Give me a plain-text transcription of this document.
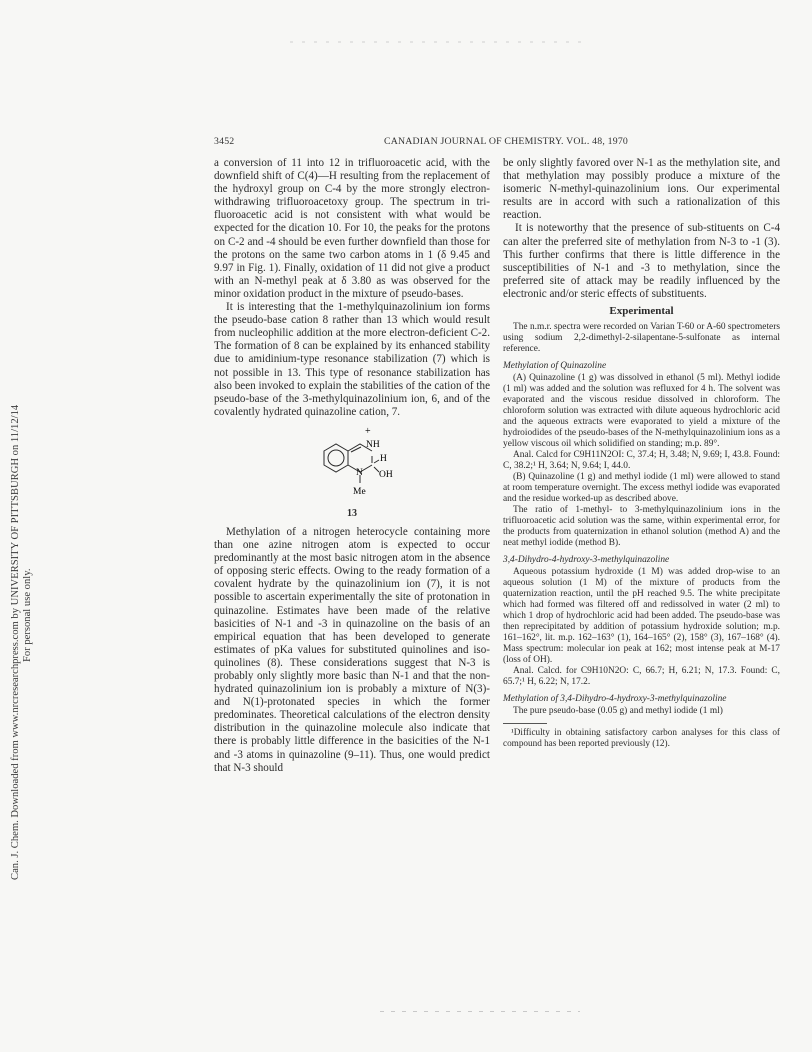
Can. J. Chem. Downloaded from www.nrcresearchpress.com by UNIVERSITY OF PITTSBURGH on 11/12/14 For personal use only.
3452	CANADIAN JOURNAL OF CHEMISTRY. VOL. 48, 1970

a conversion of 11 into 12 in trifluoroacetic acid, with the downfield shift of C(4)—H resulting from the replacement of the hydroxyl group on C-4 by the more strongly electron-withdrawing trifluoroacetoxy group. The spectrum in tri-fluoroacetic acid is not consistent with what would be expected for the dication 10. For 10, the peaks for the protons on C-2 and -4 should be even further downfield than those for the protons on the same two carbon atoms in 1 (δ 9.45 and 9.97 in Fig. 1). Finally, oxidation of 11 did not give a product with an N-methyl peak at δ 3.80 as was observed for the minor oxidation product in the mixture of pseudo-bases.

It is interesting that the 1-methylquinazolinium ion forms the pseudo-base cation 8 rather than 13 which would result from nucleophilic addition at the more electron-deficient C-2. The formation of 8 can be explained by its enhanced stability due to amidinium-type resonance stabilization (7) which is not possible in 13. This type of resonance stabilization has also been invoked to explain the stabilities of the cation of the pseudo-base of the 3-methylquinazolinium ion, 6, and of the covalently hydrated quinazoline cation, 7.

+
NH
H
OH
N
Me
13

Methylation of a nitrogen heterocycle containing more than one azine nitrogen atom is expected to occur predominantly at the most basic nitrogen atom in the absence of opposing steric effects. Owing to the ready formation of a covalent hydrate by the quinazolinium ion (7), it is not possible to ascertain experimentally the site of protonation in quinazoline. Estimates have been made of the relative basicities of N-1 and -3 in quinazoline on the basis of an empirical equation that has been developed to generate estimates of pKa values for substituted quinolines and iso-quinolines (8). These considerations suggest that N-3 is probably only slightly more basic than N-1 and that the non-hydrated quinazolinium ion is probably a mixture of N(3)- and N(1)-protonated species in which the former predominates. Theoretical calculations of the electron density distribution in the quinazoline molecule also indicate that there is probably little difference in the basicities of the N-1 and -3 atoms in quinazoline (9–11). Thus, one would predict that N-3 should

be only slightly favored over N-1 as the methylation site, and that methylation may possibly produce a mixture of the isomeric N-methyl-quinazolinium ions. Our experimental results are in accord with such a rationalization of this reaction.

It is noteworthy that the presence of sub-stituents on C-4 can alter the preferred site of methylation from N-3 to -1 (3). This further confirms that there is little difference in the susceptibilities of N-1 and -3 to methylation, since the preferred site of attack may be readily influenced by the electronic and/or steric effects of substituents.

Experimental

The n.m.r. spectra were recorded on Varian T-60 or A-60 spectrometers using sodium 2,2-dimethyl-2-silapentane-5-sulfonate as internal reference.

Methylation of Quinazoline

(A) Quinazoline (1 g) was dissolved in ethanol (5 ml). Methyl iodide (1 ml) was added and the solution was refluxed for 4 h. The solvent was evaporated and the viscous residue dissolved in chloroform. The chloroform solution was extracted with dilute aqueous hydrochloric acid and the aqueous extracts were evaporated to yield a mixture of the hydroiodides of the pseudo-bases of the N-methylquinazolinium ions as a yellow viscous oil which solidified on standing; m.p. 89°.

Anal. Calcd for C9H11N2OI: C, 37.4; H, 3.48; N, 9.69; I, 43.8. Found: C, 38.2;¹ H, 3.64; N, 9.64; I, 44.0.

(B) Quinazoline (1 g) and methyl iodide (1 ml) were allowed to stand at room temperature overnight. The excess methyl iodide was evaporated and the residue worked-up as described above.

The ratio of 1-methyl- to 3-methylquinazolinium ions in the trifluoroacetic acid solution was the same, within experimental error, for the products from quaternization in ethanol solution (method A) and the neat methyl iodide (method B).

3,4-Dihydro-4-hydroxy-3-methylquinazoline

Aqueous potassium hydroxide (1 M) was added drop-wise to an aqueous solution (1 M) of the mixture of products from the quaternization reaction, until the pH reached 9.5. The white precipitate which had formed was filtered off and redissolved in water (2 ml) to which 1 drop of hydrochloric acid had been added. The pseudo-base was then reprecipitated by addition of potassium hydroxide solution; m.p. 161–162°, lit. m.p. 162–163° (1), 164–165° (2), 158° (3), 167–168° (4). Mass spectrum: molecular ion peak at 162; most intense peak at M-17 (loss of OH).

Anal. Calcd. for C9H10N2O: C, 66.7; H, 6.21; N, 17.3. Found: C, 65.7;¹ H, 6.22; N, 17.2.

Methylation of 3,4-Dihydro-4-hydroxy-3-methylquinazoline

The pure pseudo-base (0.05 g) and methyl iodide (1 ml)

¹Difficulty in obtaining satisfactory carbon analyses for this class of compound has been reported previously (12).
